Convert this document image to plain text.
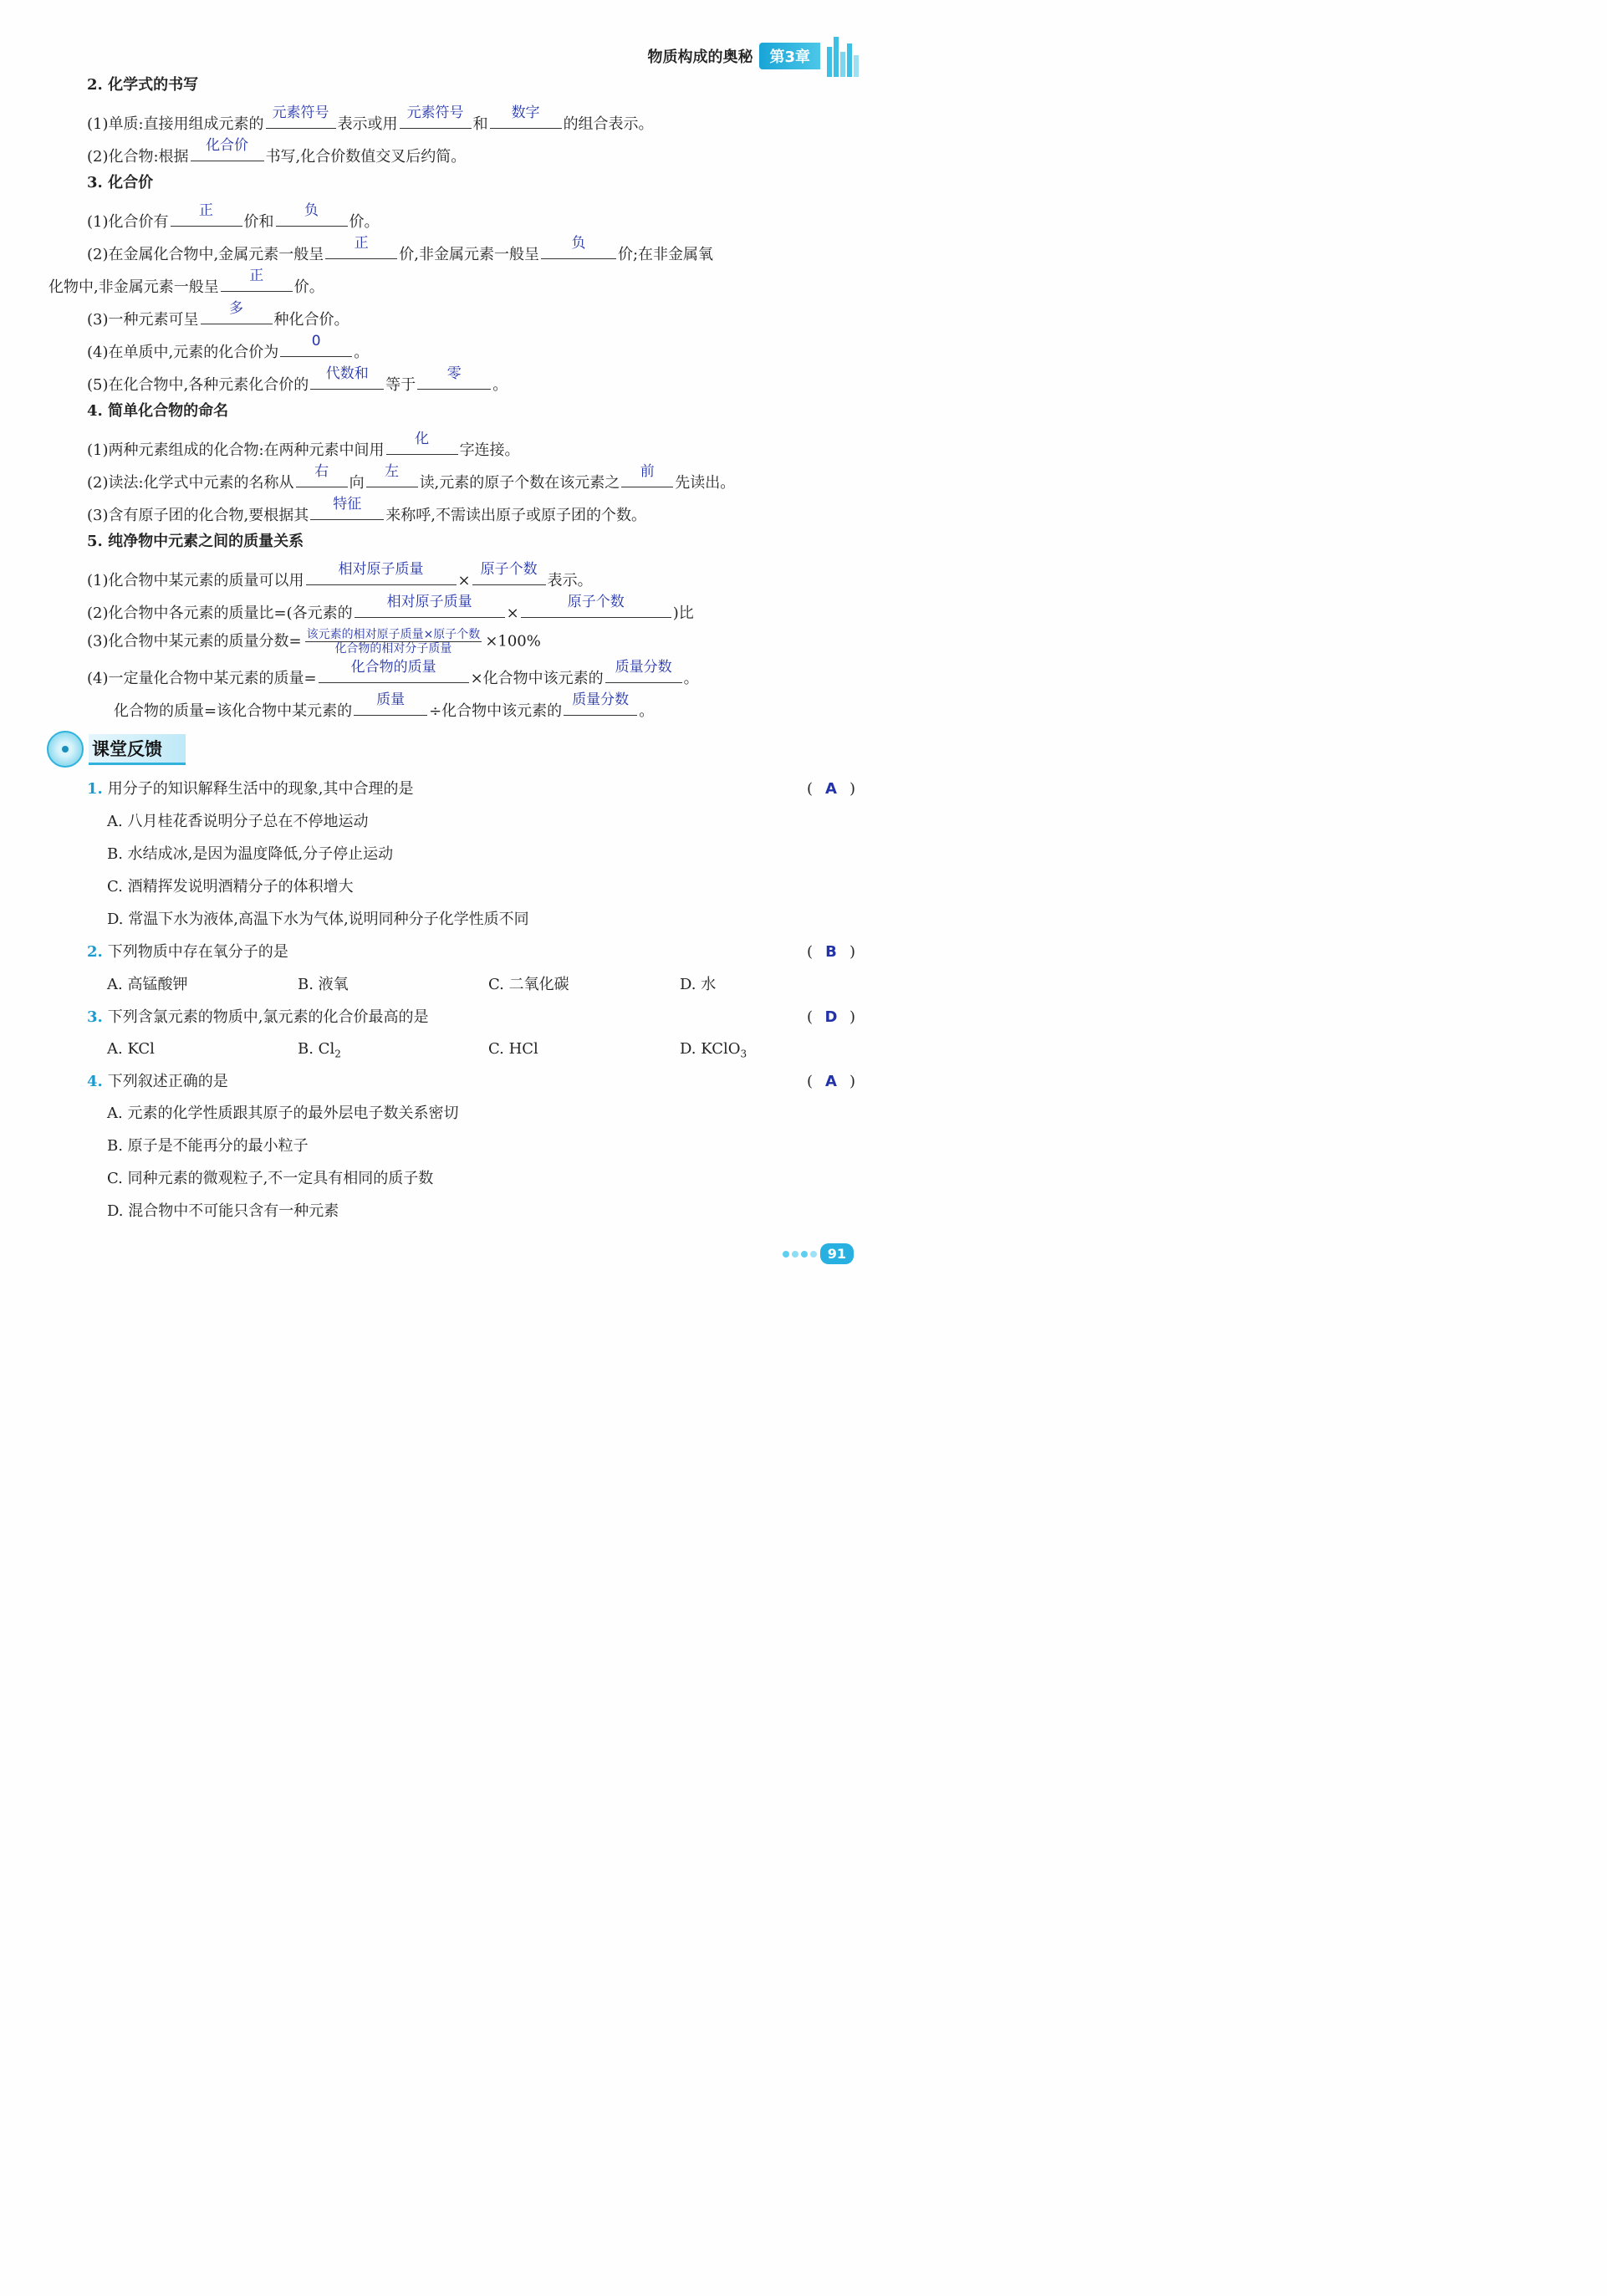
物质构成的奥秘	第3章
2. 化学式的书写
(1)单质:直接用组成元素的
元素符号
表示或用
元素符号
和
数字
的组合表示。
(2)化合物:根据
化合价
书写,化合价数值交叉后约简。
3. 化合价
(1)化合价有
正
价和
负
价。
(2)在金属化合物中,金属元素一般呈
正
价,非金属元素一般呈
负
价;在非金属氧
化物中,非金属元素一般呈
正
价。
(3)一种元素可呈
多
种化合价。
(4)在单质中,元素的化合价为
0
。
(5)在化合物中,各种元素化合价的
代数和
等于
零
。
4. 简单化合物的命名
(1)两种元素组成的化合物:在两种元素中间用
化
字连接。
(2)读法:化学式中元素的名称从
右
向
左
读,元素的原子个数在该元素之
前
先读出。
(3)含有原子团的化合物,要根据其
特征
来称呼,不需读出原子或原子团的个数。
5. 纯净物中元素之间的质量关系
(1)化合物中某元素的质量可以用
相对原子质量
×
原子个数
表示。
(2)化合物中各元素的质量比=(各元素的
相对原子质量
×
原子个数
)比
(3)化合物中某元素的质量分数= $\frac{\text{该元素的相对原子质量×原子个数}}{\text{化合物的相对分子质量}} \times 100\%$
(4)一定量化合物中某元素的质量=
化合物的质量
×化合物中该元素的
质量分数
。
化合物的质量=该化合物中某元素的
质量
÷化合物中该元素的
质量分数
。
课堂反馈
1. 用分子的知识解释生活中的现象,其中合理的是	( A )
A. 八月桂花香说明分子总在不停地运动
B. 水结成冰,是因为温度降低,分子停止运动
C. 酒精挥发说明酒精分子的体积增大
D. 常温下水为液体,高温下水为气体,说明同种分子化学性质不同
2. 下列物质中存在氧分子的是	( B )
A. 高锰酸钾	B. 液氧	C. 二氧化碳	D. 水
3. 下列含氯元素的物质中,氯元素的化合价最高的是	( D )
A. KCl	B. $Cl_2$	C. HCl	D. KClO$_3$
4. 下列叙述正确的是	( A )
A. 元素的化学性质跟其原子的最外层电子数关系密切
B. 原子是不能再分的最小粒子
C. 同种元素的微观粒子,不一定具有相同的质子数
D. 混合物中不可能只含有一种元素
91
